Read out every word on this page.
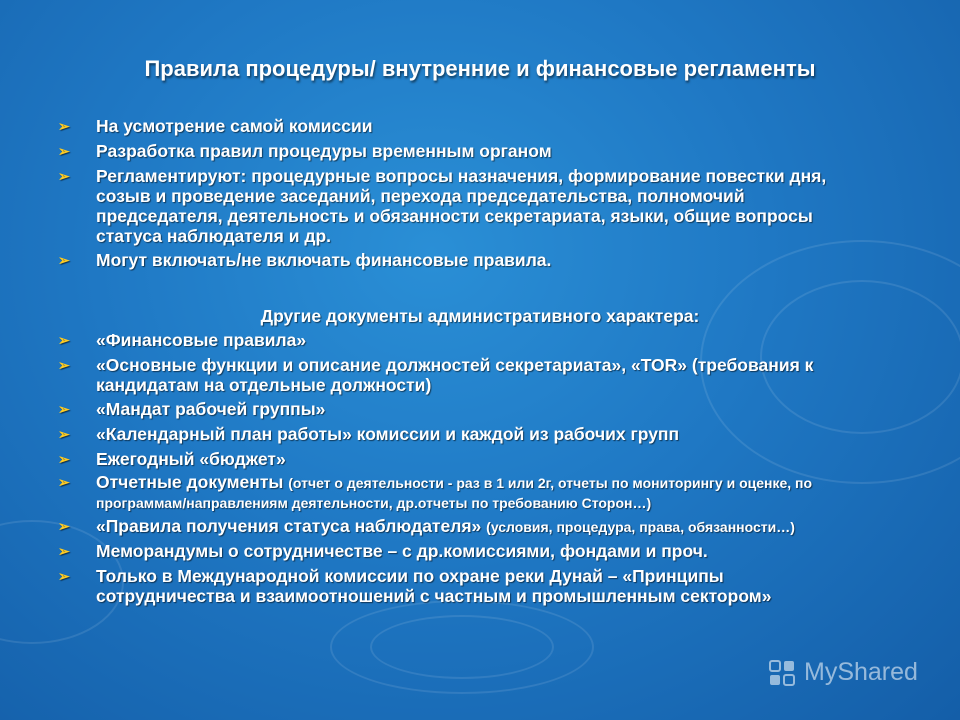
Правила процедуры/ внутренние и финансовые регламенты
➢ На усмотрение самой комиссии
➢ Разработка правил процедуры временным органом
➢ Регламентируют: процедурные вопросы назначения, формирование повестки дня, созыв и проведение заседаний, перехода председательства, полномочий председателя, деятельность и обязанности секретариата, языки, общие вопросы статуса наблюдателя и др.
➢ Могут включать/не включать финансовые правила.
Другие документы административного характера:
➢ «Финансовые правила»
➢ «Основные функции и описание должностей секретариата», «TOR» (требования к кандидатам на отдельные должности)
➢ «Мандат рабочей группы»
➢ «Календарный план работы» комиссии и каждой из рабочих групп
➢ Ежегодный «бюджет»
➢ Отчетные документы (отчет о деятельности - раз в 1 или 2г, отчеты по мониторингу и оценке, по программам/направлениям деятельности, др.отчеты по требованию Сторон…)
➢ «Правила получения статуса наблюдателя» (условия, процедура, права, обязанности…)
➢ Меморандумы о сотрудничестве – с др.комиссиями, фондами и проч.
➢ Только в Международной комиссии по охране реки Дунай – «Принципы сотрудничества и взаимоотношений с частным и промышленным сектором»
MyShared
